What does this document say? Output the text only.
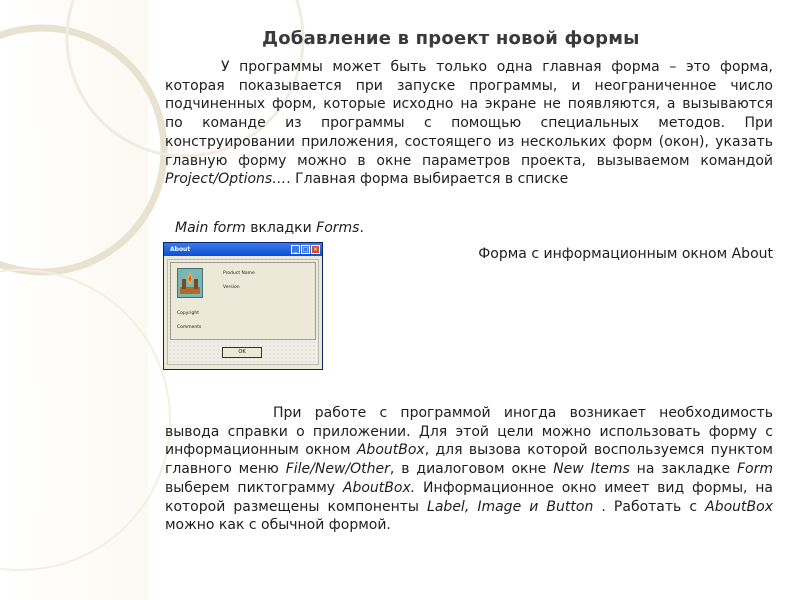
Добавление в проект новой формы
У программы может быть только одна главная форма – это форма, которая показывается при запуске программы, и неограниченное число подчиненных форм, которые исходно на экране не появляются, а вызываются по команде из программы с помощью специальных методов. При конструировании приложения, состоящего из нескольких форм (окон), указать главную форму можно в окне параметров проекта, вызываемом командой Project/Options…. Главная форма выбирается в списке
Main form вкладки Forms.
Форма с информационным окном About
About	_ □ ×
Product Name
Version
Copyright
Comments
OK
При работе с программой иногда возникает необходимость вывода справки о приложении. Для этой цели можно использовать форму с информационным окном AboutBox, для вызова которой воспользуемся пунктом главного меню File/New/Other, в диалоговом окне New Items на закладке Form выберем пиктограмму AboutBox. Информационное окно имеет вид формы, на которой размещены компоненты Label, Image и Button . Работать с AboutBox можно как с обычной формой.
